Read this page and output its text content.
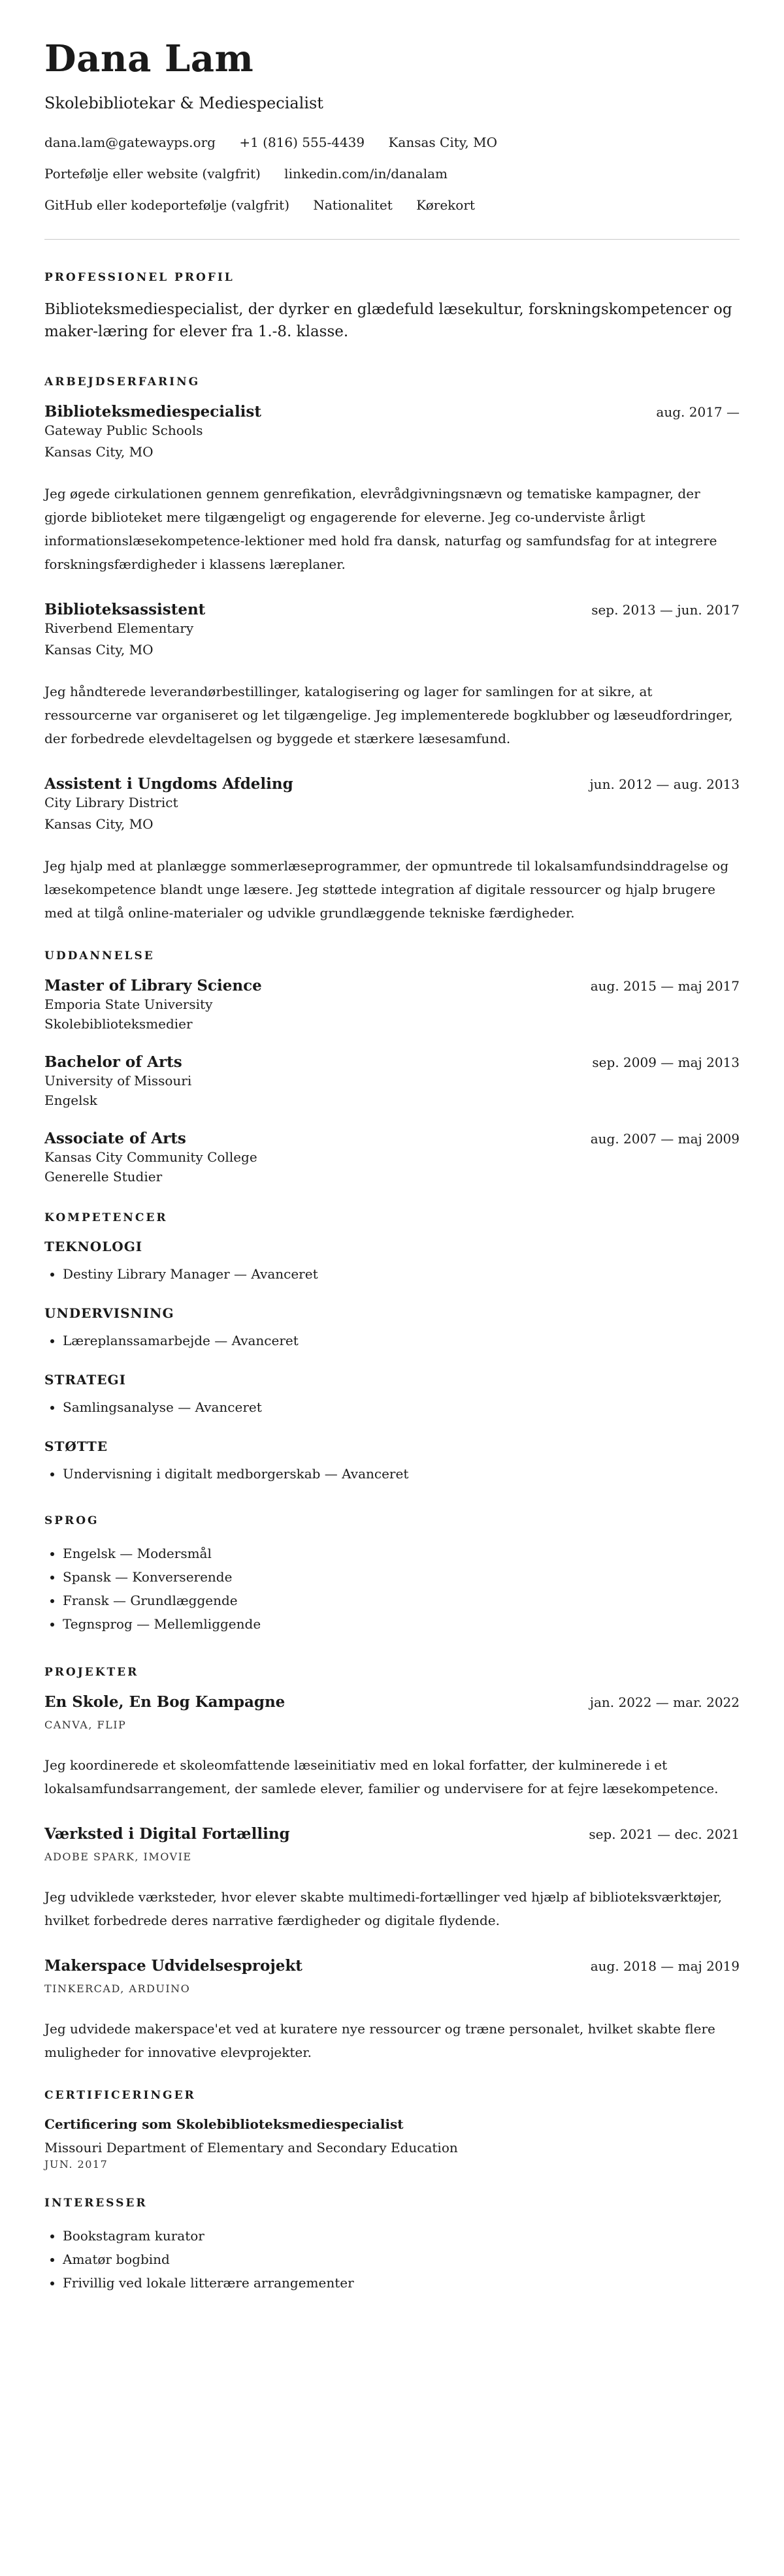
Dana Lam
Skolebibliotekar & Mediespecialist
dana.lam@gatewayps.org +1 (816) 555-4439 Kansas City, MO
Portefølje eller website (valgfrit) linkedin.com/in/danalam
GitHub eller kodeportefølje (valgfrit) Nationalitet Kørekort
PROFESSIONEL PROFIL

Biblioteksmediespecialist, der dyrker en glædefuld læsekultur, forskningskompetencer og maker-læring for elever fra 1.-8. klasse.

ARBEJDSERFARING
Biblioteksmediespecialist	aug. 2017 —
Gateway Public Schools
Kansas City, MO

Jeg øgede cirkulationen gennem genrefikation, elevrådgivningsnævn og tematiske kampagner, der gjorde biblioteket mere tilgængeligt og engagerende for eleverne. Jeg co-underviste årligt informationslæsekompetence-lektioner med hold fra dansk, naturfag og samfundsfag for at integrere forskningsfærdigheder i klassens læreplaner.

Biblioteksassistent	sep. 2013 — jun. 2017
Riverbend Elementary
Kansas City, MO

Jeg håndterede leverandørbestillinger, katalogisering og lager for samlingen for at sikre, at ressourcerne var organiseret og let tilgængelige. Jeg implementerede bogklubber og læseudfordringer, der forbedrede elevdeltagelsen og byggede et stærkere læsesamfund.

Assistent i Ungdoms Afdeling	jun. 2012 — aug. 2013
City Library District
Kansas City, MO

Jeg hjalp med at planlægge sommerlæseprogrammer, der opmuntrede til lokalsamfundsinddragelse og læsekompetence blandt unge læsere. Jeg støttede integration af digitale ressourcer og hjalp brugere med at tilgå online-materialer og udvikle grundlæggende tekniske færdigheder.

UDDANNELSE
Master of Library Science	aug. 2015 — maj 2017
Emporia State University
Skolebiblioteksmedier
Bachelor of Arts	sep. 2009 — maj 2013
University of Missouri
Engelsk
Associate of Arts	aug. 2007 — maj 2009
Kansas City Community College
Generelle Studier
KOMPETENCER
TEKNOLOGI
• Destiny Library Manager — Avanceret
UNDERVISNING
• Læreplanssamarbejde — Avanceret
STRATEGI
• Samlingsanalyse — Avanceret
STØTTE
• Undervisning i digitalt medborgerskab — Avanceret
SPROG
• Engelsk — Modersmål
• Spansk — Konverserende
• Fransk — Grundlæggende
• Tegnsprog — Mellemliggende
PROJEKTER
En Skole, En Bog Kampagne	jan. 2022 — mar. 2022
CANVA, FLIP

Jeg koordinerede et skoleomfattende læseinitiativ med en lokal forfatter, der kulminerede i et lokalsamfundsarrangement, der samlede elever, familier og undervisere for at fejre læsekompetence.

Værksted i Digital Fortælling	sep. 2021 — dec. 2021
ADOBE SPARK, IMOVIE

Jeg udviklede værksteder, hvor elever skabte multimedi-fortællinger ved hjælp af biblioteksværktøjer, hvilket forbedrede deres narrative færdigheder og digitale flydende.

Makerspace Udvidelsesprojekt	aug. 2018 — maj 2019
TINKERCAD, ARDUINO

Jeg udvidede makerspace'et ved at kuratere nye ressourcer og træne personalet, hvilket skabte flere muligheder for innovative elevprojekter.

CERTIFICERINGER
Certificering som Skolebiblioteksmediespecialist
Missouri Department of Elementary and Secondary Education
JUN. 2017
INTERESSER
• Bookstagram kurator
• Amatør bogbind
• Frivillig ved lokale litterære arrangementer
